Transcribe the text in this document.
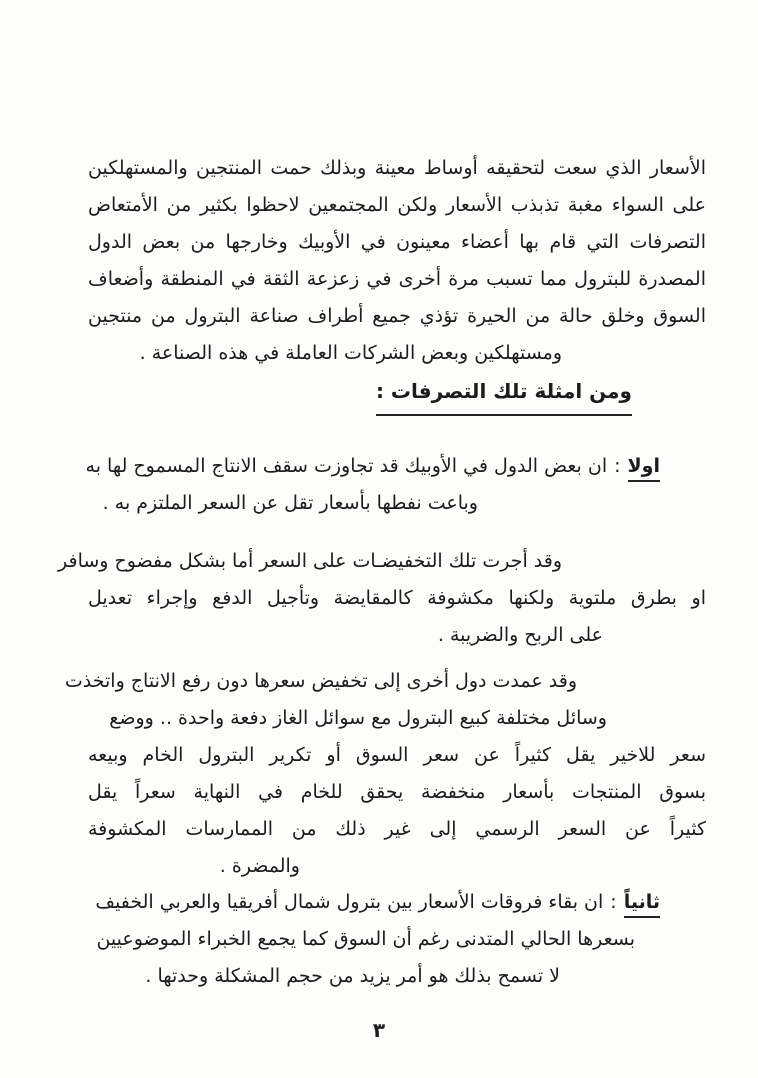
الأسعار الذي سعت لتحقيقه أوساط معينة وبذلك حمت المنتجين والمستهلكين
على السواء مغبة تذبذب الأسعار ولكن المجتمعين لاحظوا بكثير من الأمتعاض
التصرفات التي قام بها أعضاء معينون في الأوبيك وخارجها من بعض الدول
المصدرة للبترول مما تسبب مرة أخرى في زعزعة الثقة في المنطقة وأضعاف
السوق وخلق حالة من الحيرة تؤذي جميع أطراف صناعة البترول من منتجين
ومستهلكين وبعض الشركات العاملة في هذه الصناعة .
ومن امثلة تلك التصرفات :
اولا:ان بعض الدول في الأوبيك قد تجاوزت سقف الانتاج المسموح لها به
وباعت نفطها بأسعار تقل عن السعر الملتزم به .
وقد أجرت تلك التخفيضـات على السعر أما بشكل مفضوح وسافر
او بطرق ملتوية ولكنها مكشوفة كالمقايضة وتأجيل الدفع وإجراء تعديل
على الربح والضريبة .
وقد عمدت دول أخرى إلى تخفيض سعرها دون رفع الانتاج واتخذت
وسائل مختلفة كبيع البترول مع سوائل الغاز دفعة واحدة .. ووضع
سعر للاخير يقل كثيراً عن سعر السوق أو تكرير البترول الخام وبيعه
بسوق المنتجات بأسعار منخفضة يحقق للخام في النهاية سعراً يقل
كثيراً عن السعر الرسمي إلى غير ذلك من الممارسات المكشوفة
والمضرة .
ثانياً:ان بقاء فروقات الأسعار بين بترول شمال أفريقيا والعربي الخفيف
بسعرها الحالي المتدنى رغم أن السوق كما يجمع الخبراء الموضوعيين
لا تسمح بذلك هو أمر يزيد من حجم المشكلة وحدتها .
٣
